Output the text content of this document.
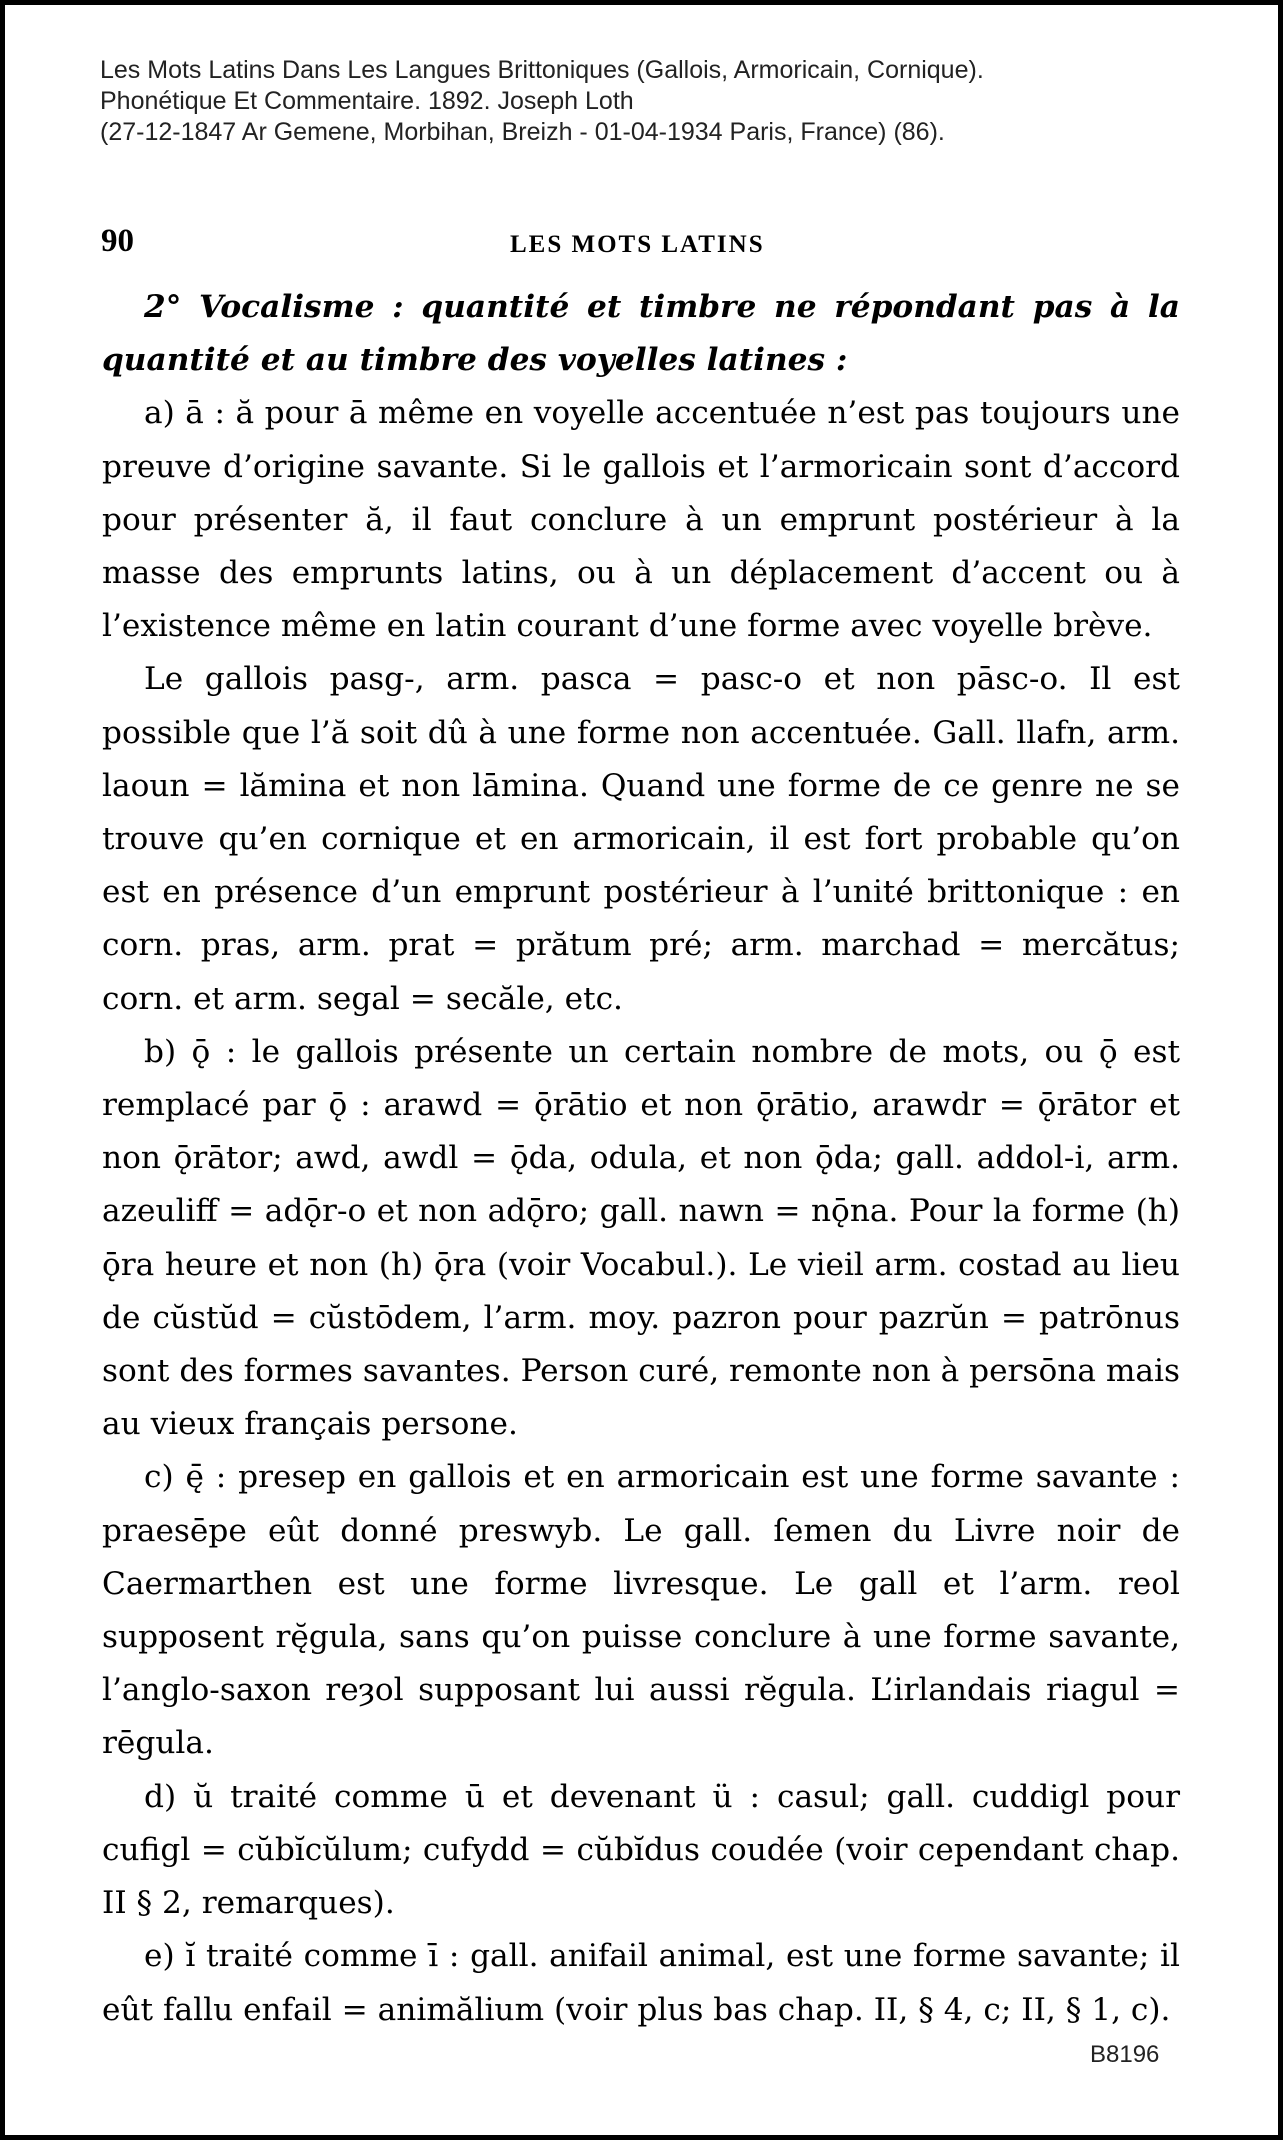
Les Mots Latins Dans Les Langues Brittoniques (Gallois, Armoricain, Cornique).

Phonétique Et Commentaire. 1892. Joseph Loth

(27-12-1847 Ar Gemene, Morbihan, Breizh - 01-04-1934 Paris, France) (86).

90	LES MOTS LATINS

2° Vocalisme : quantité et timbre ne répondant pas à la quantité et au timbre des voyelles latines :

a) ā : ă pour ā même en voyelle accentuée n’est pas toujours une preuve d’origine savante. Si le gallois et l’armoricain sont d’accord pour présenter ă, il faut conclure à un emprunt postérieur à la masse des emprunts latins, ou à un déplacement d’accent ou à l’existence même en latin courant d’une forme avec voyelle brève.

Le gallois pasg-, arm. pasca = pasc-o et non pāsc-o. Il est possible que l’ă soit dû à une forme non accentuée. Gall. llafn, arm. laoun = lămina et non lāmina. Quand une forme de ce genre ne se trouve qu’en cornique et en armoricain, il est fort probable qu’on est en présence d’un emprunt postérieur à l’unité brittonique : en corn. pras, arm. prat = prătum pré; arm. marchad = mercătus; corn. et arm. segal = secăle, etc.

b) ǭ : le gallois présente un certain nombre de mots, ou ǭ est remplacé par ǭ : arawd = ǭrātio et non ǭrātio, arawdr = ǭrātor et non ǭrātor; awd, awdl = ǭda, odula, et non ǭda; gall. addol-i, arm. azeuliff = adǭr-o et non adǭro; gall. nawn = nǭna. Pour la forme (h) ǭra heure et non (h) ǭra (voir Vocabul.). Le vieil arm. costad au lieu de cŭstŭd = cŭstōdem, l’arm. moy. pazron pour pazrŭn = patrōnus sont des formes savantes. Person curé, remonte non à persōna mais au vieux français persone.

c) ę̄ : presep en gallois et en armoricain est une forme savante : praesēpe eût donné preswyb. Le gall. ſemen du Livre noir de Caermarthen est une forme livresque. Le gall et l’arm. reol supposent rę̆gula, sans qu’on puisse conclure à une forme savante, l’anglo-saxon reȝol supposant lui aussi rĕgula. L’irlandais riagul = rēgula.

d) ŭ traité comme ū et devenant ü : casul; gall. cuddigl pour cufigl = cŭbĭcŭlum; cufydd = cŭbĭdus coudée (voir cependant chap. II § 2, remarques).

e) ĭ traité comme ī : gall. anifail animal, est une forme savante; il eût fallu enfail = animălium (voir plus bas chap. II, § 4, c; II, § 1, c).

B8196
